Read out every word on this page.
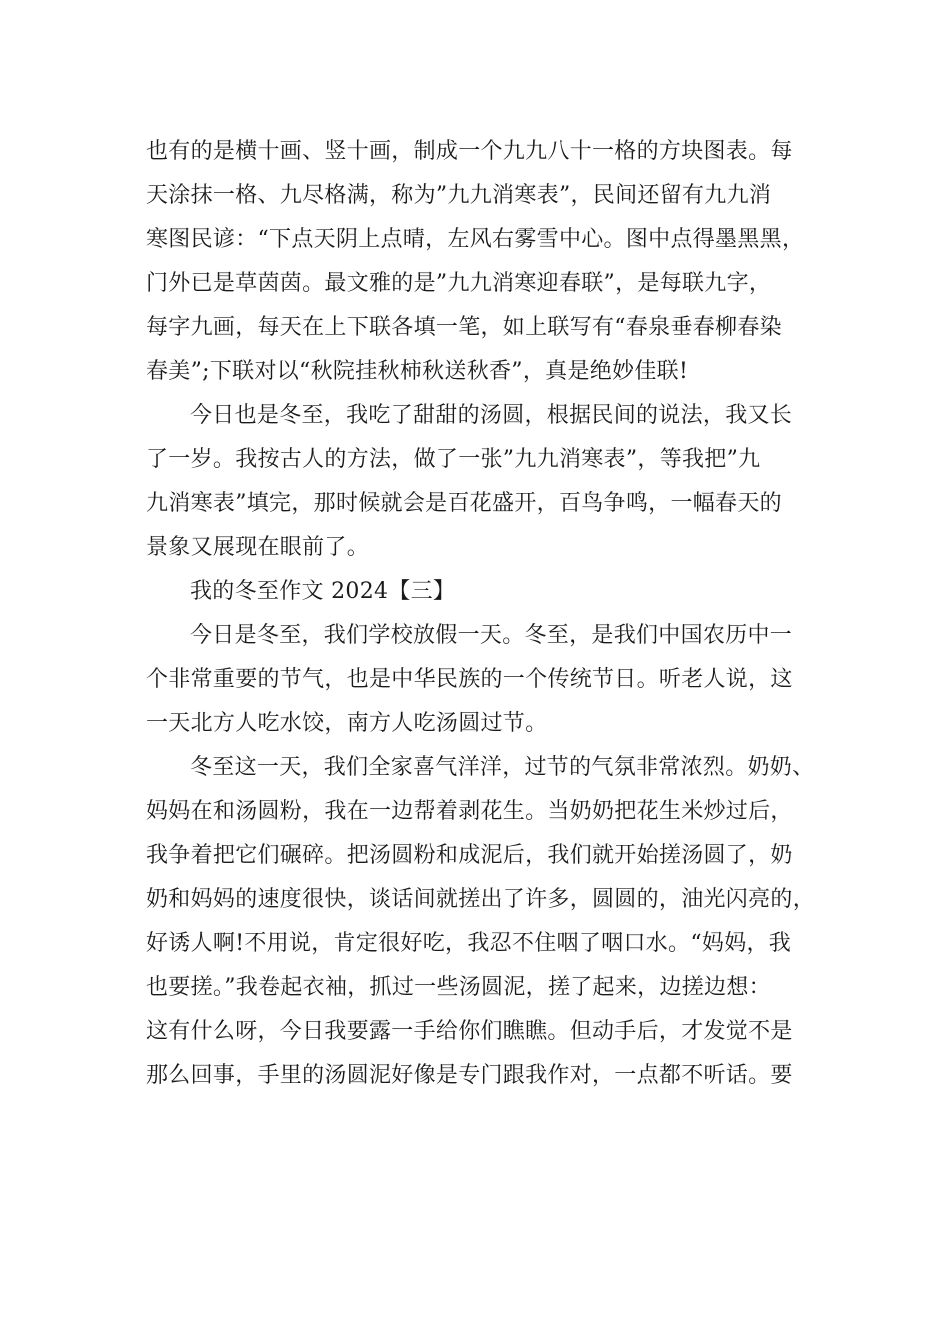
也有的是横十画、竖十画，制成一个九九八十一格的方块图表。每
天涂抹一格、九尽格满，称为”九九消寒表”，民间还留有九九消
寒图民谚：“下点天阴上点晴，左风右雾雪中心。图中点得墨黑黑，
门外已是草茵茵。最文雅的是”九九消寒迎春联”，是每联九字，
每字九画，每天在上下联各填一笔，如上联写有“春泉垂春柳春染
春美”;下联对以“秋院挂秋柿秋送秋香”，真是绝妙佳联!
今日也是冬至，我吃了甜甜的汤圆，根据民间的说法，我又长
了一岁。我按古人的方法，做了一张”九九消寒表”，等我把”九
九消寒表”填完，那时候就会是百花盛开，百鸟争鸣，一幅春天的
景象又展现在眼前了。
我的冬至作文 2024【三】
今日是冬至，我们学校放假一天。冬至，是我们中国农历中一
个非常重要的节气，也是中华民族的一个传统节日。听老人说，这
一天北方人吃水饺，南方人吃汤圆过节。
冬至这一天，我们全家喜气洋洋，过节的气氛非常浓烈。奶奶、
妈妈在和汤圆粉，我在一边帮着剥花生。当奶奶把花生米炒过后，
我争着把它们碾碎。把汤圆粉和成泥后，我们就开始搓汤圆了，奶
奶和妈妈的速度很快，谈话间就搓出了许多，圆圆的，油光闪亮的，
好诱人啊!不用说，肯定很好吃，我忍不住咽了咽口水。“妈妈，我
也要搓。”我卷起衣袖，抓过一些汤圆泥，搓了起来，边搓边想：
这有什么呀，今日我要露一手给你们瞧瞧。但动手后，才发觉不是
那么回事，手里的汤圆泥好像是专门跟我作对，一点都不听话。要
